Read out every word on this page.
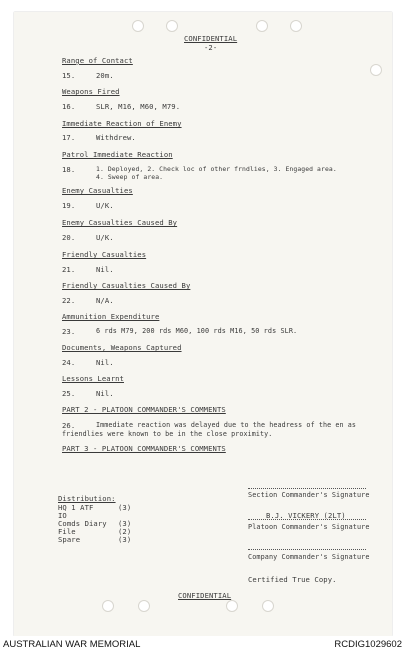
CONFIDENTIAL
-2-
Range of Contact
15.	20m.
Weapons Fired
16.	SLR, M16, M60, M79.
Immediate Reaction of Enemy
17.	Withdrew.
Patrol Immediate Reaction
18.	1. Deployed, 2. Check loc of other frndlies, 3. Engaged area.
4. Sweep of area.
Enemy Casualties
19.	U/K.
Enemy Casualties Caused By
20.	U/K.
Friendly Casualties
21.	Nil.
Friendly Casualties Caused By
22.	N/A.
Ammunition Expenditure
23.	6 rds M79, 200 rds M60, 100 rds M16, 50 rds SLR.
Documents, Weapons Captured
24.	Nil.
Lessons Learnt
25.	Nil.
PART 2 - PLATOON COMMANDER'S COMMENTS
26.	Immediate reaction was delayed due to the headress of the en as friendlies were known to be in the close proximity.
PART 3 - PLATOON COMMANDER'S COMMENTS
Distribution:
HQ 1 ATF	(3)
IO
Comds Diary (3)
File	(2)
Spare	(3)
Section Commander's Signature
B.J. VICKERY (2LT)
Platoon Commander's Signature
Company Commander's Signature
Certified True Copy.
CONFIDENTIAL
AUSTRALIAN WAR MEMORIAL	RCDIG1029602
